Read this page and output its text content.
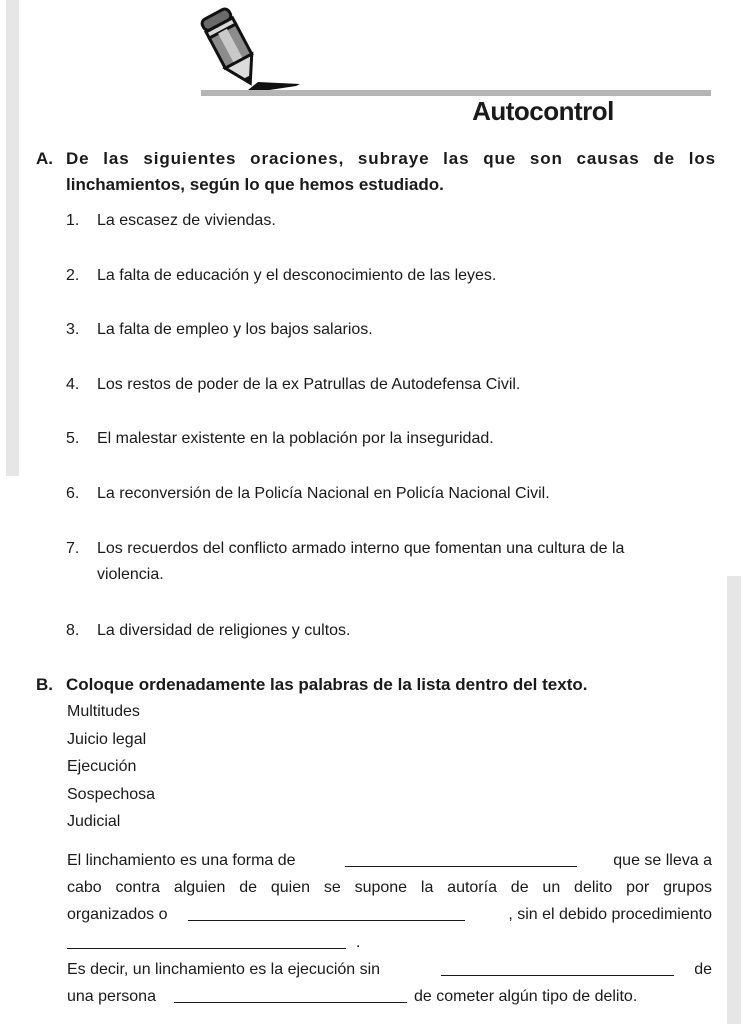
Autocontrol
A. De las siguientes oraciones, subraye las que son causas de los
linchamientos, según lo que hemos estudiado.
1. La escasez de viviendas.
2. La falta de educación y el desconocimiento de las leyes.
3. La falta de empleo y los bajos salarios.
4. Los restos de poder de la ex Patrullas de Autodefensa Civil.
5. El malestar existente en la población por la inseguridad.
6. La reconversión de la Policía Nacional en Policía Nacional Civil.
7. Los recuerdos del conflicto armado interno que fomentan una cultura de la
violencia.
8. La diversidad de religiones y cultos.
B. Coloque ordenadamente las palabras de la lista dentro del texto.
Multitudes
Juicio legal
Ejecución
Sospechosa
Judicial
El linchamiento es una forma de	que se lleva a
cabo contra alguien de quien se supone la autoría de un delito por grupos
organizados o	, sin el debido procedimiento
.
Es decir, un linchamiento es la ejecución sin	de
una persona	de cometer algún tipo de delito.
